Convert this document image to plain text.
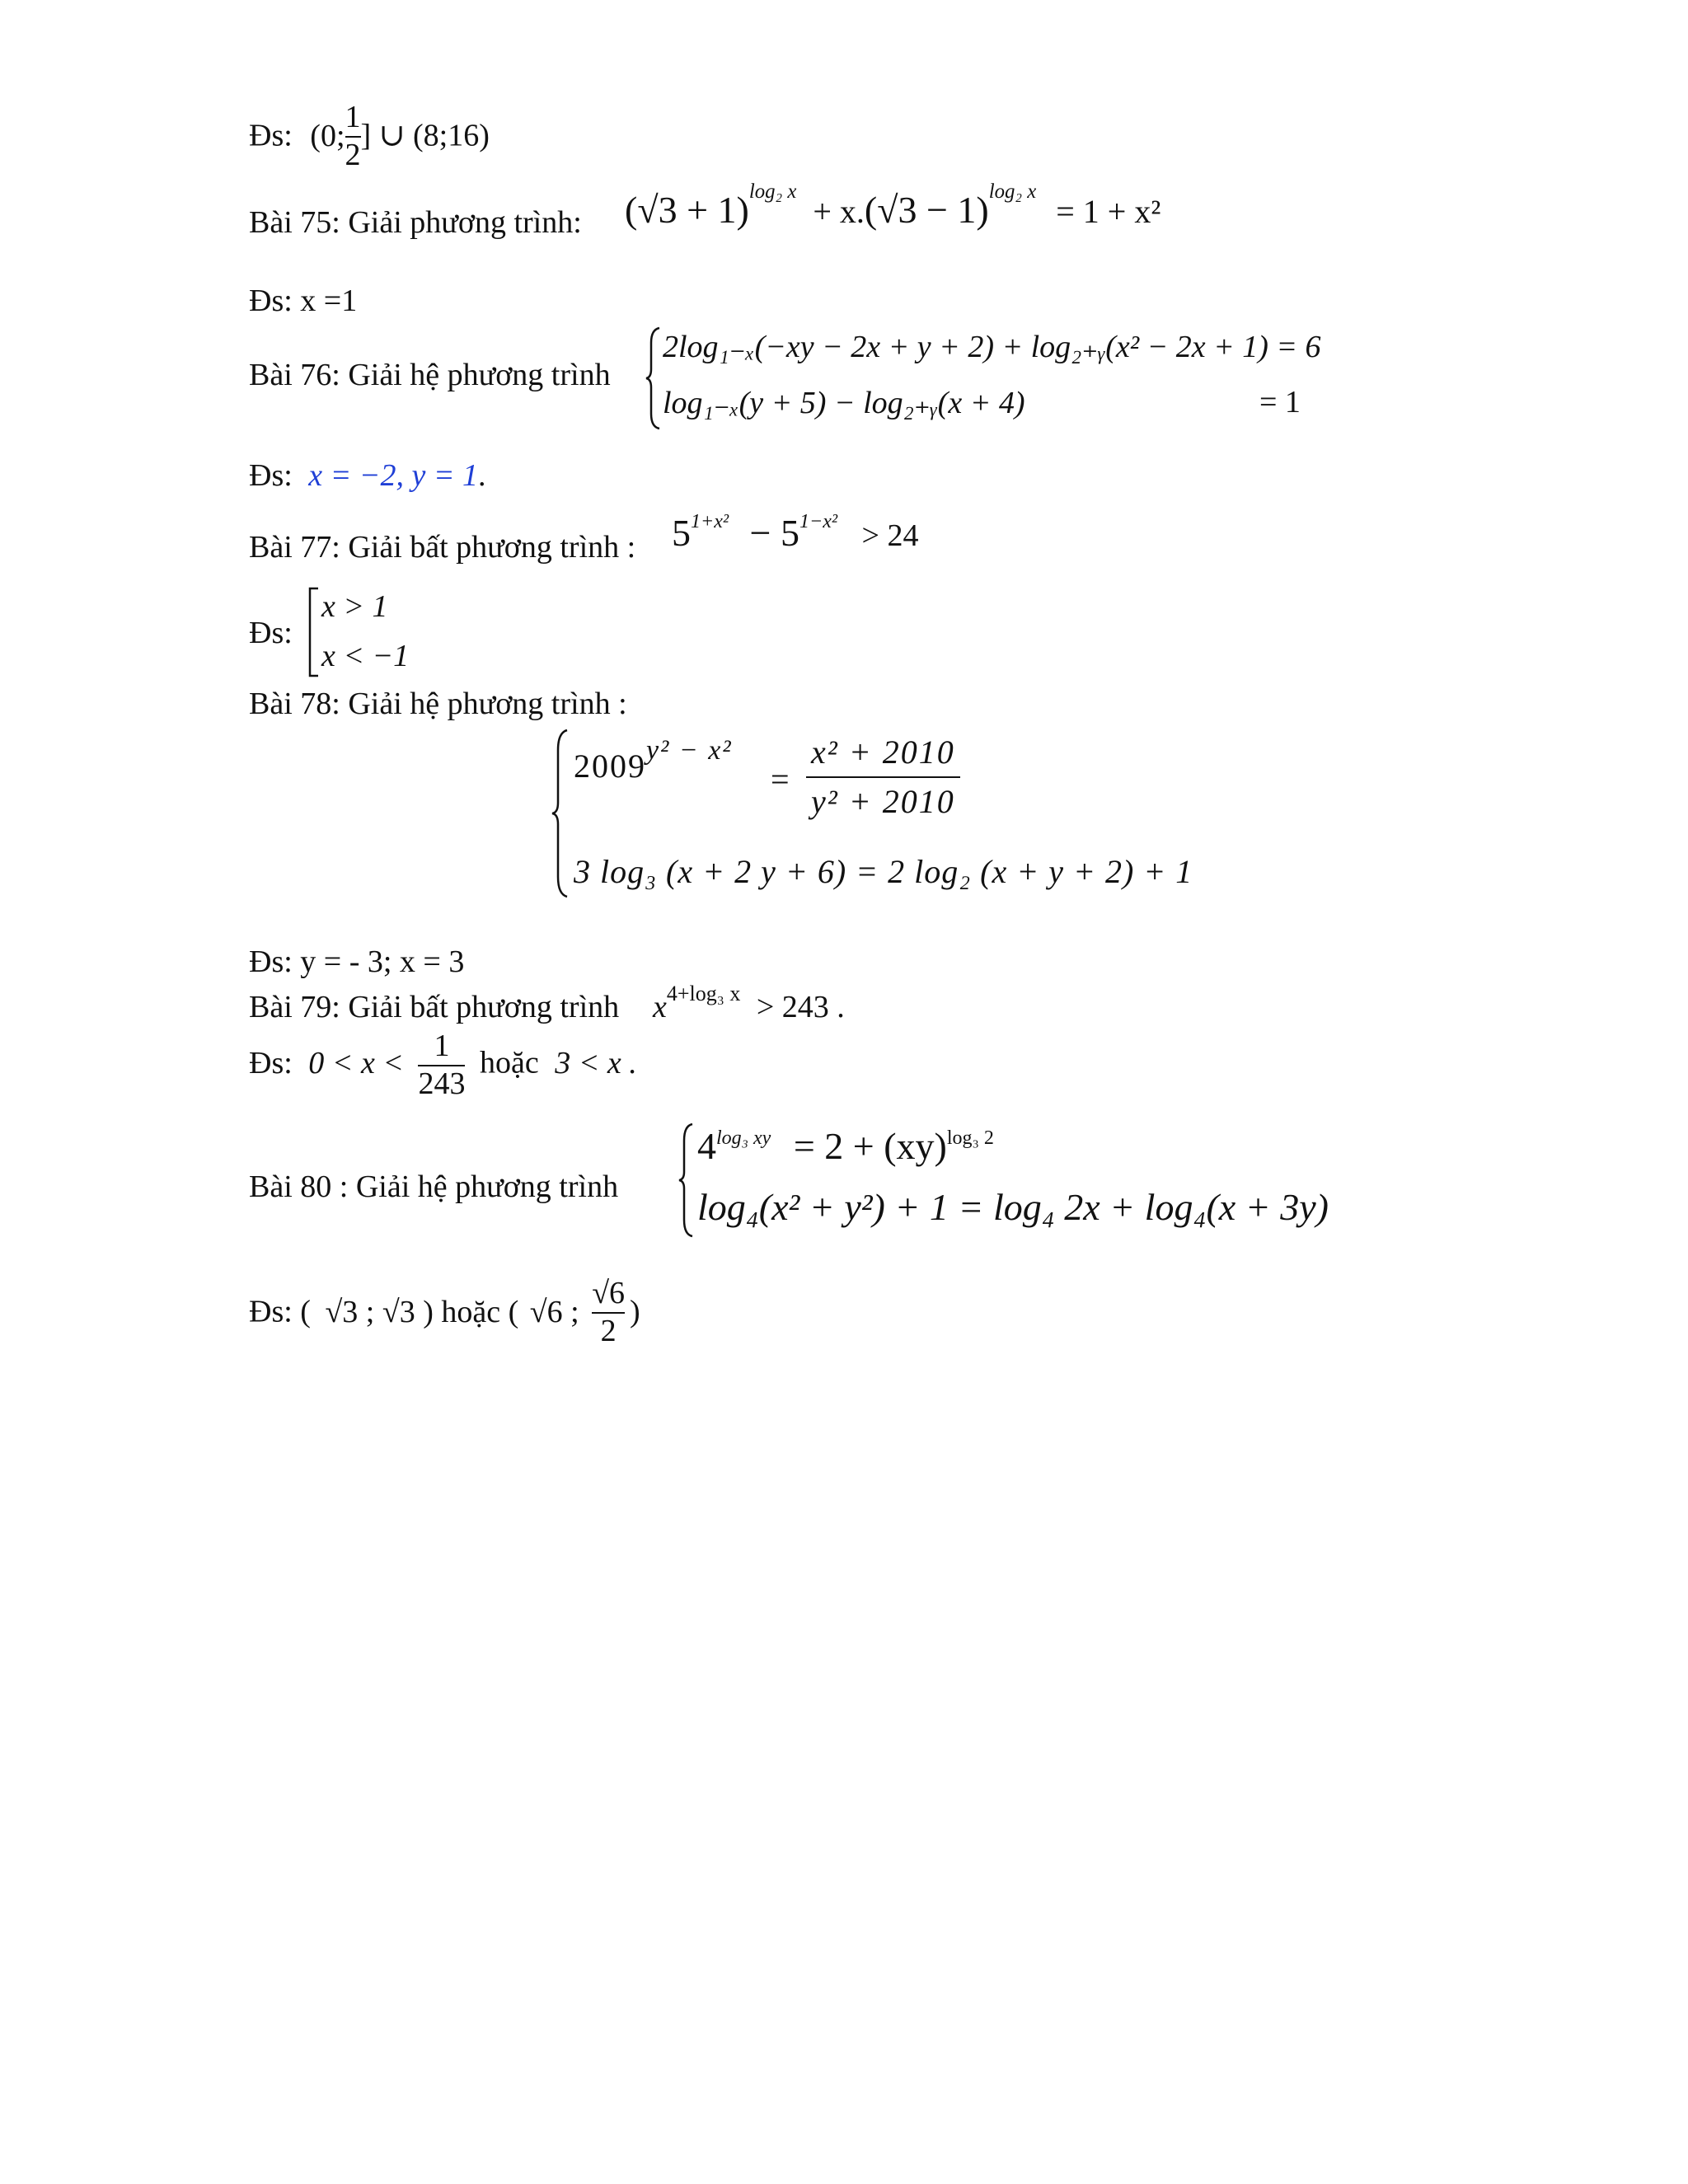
Đs: (0; $\frac{1}{2}$ ] ∪ (8;16)
Bài 75: Giải phương trình: $(√3 + 1)^{log_2 x} + x.(√3 - 1)^{log_2 x} = 1 + x^2$
Đs: x =1
Bài 76: Giải hệ phương trình
2log₁₋ₓ(−xy − 2x + y + 2) + log₂₊ᵧ(x² − 2x + 1) = 6
log₁₋ₓ(y + 5) − log₂₊ᵧ(x + 4)	= 1
Đs: x = −2, y = 1.
Bài 77: Giải bất phương trình : $5^{1+x^2} - 5^{1-x^2} > 24$
Đs:
x > 1
x < −1
Bài 78: Giải hệ phương trình :
$2009^{y^2 - x^2}$
= $\frac{\text{x² + 2010}}{\text{y² + 2010}}$
3 log₃ (x + 2 y + 6) = 2 log₂ (x + y + 2) + 1
Đs: y = - 3; x = 3
Bài 79: Giải bất phương trình $x^{4+log_3 x} > 243$ .
Đs: $0 < x < \frac{1}{243}$ hoặc 3 < x .
Bài 80 : Giải hệ phương trình
$4^{log_3 xy} = 2 + (xy)^{log_3 2}$
log₄(x² + y²) + 1 = log₄ 2x + log₄(x + 3y)
Đs: ( √3 ; √3 ) hoặc ( √6 ; $\frac{√6}{2}$ )
